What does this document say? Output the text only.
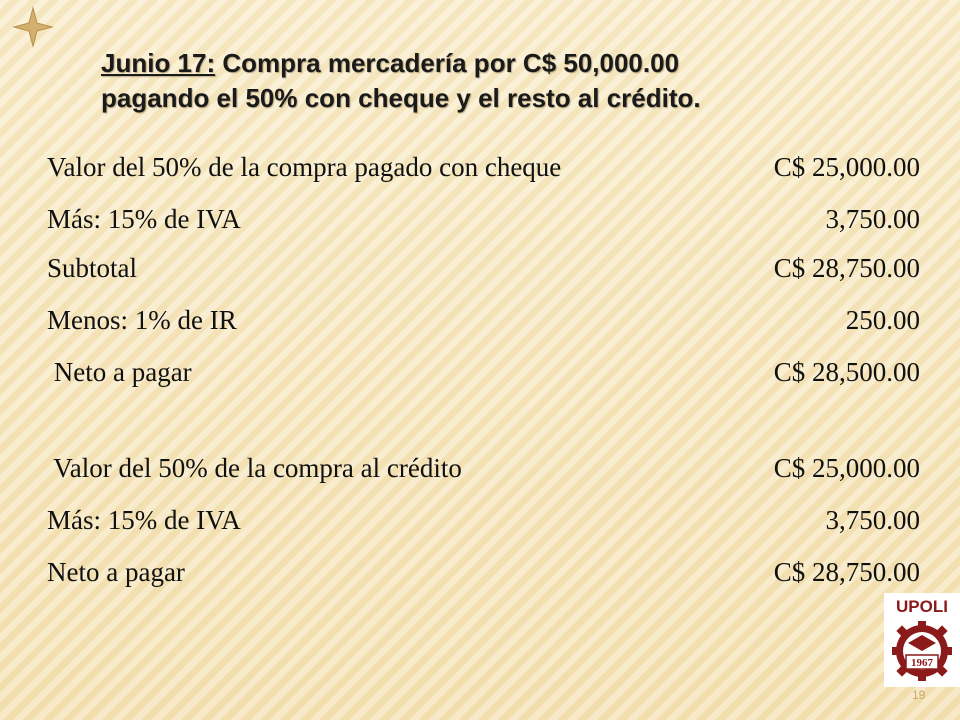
Junio 17: Compra mercadería por C$ 50,000.00
pagando el 50% con cheque y el resto al crédito.
Valor del 50% de la compra pagado con cheque	C$ 25,000.00
Más: 15% de IVA	3,750.00
Subtotal	C$ 28,750.00
Menos: 1% de IR	250.00
Neto a pagar	C$ 28,500.00
Valor del 50% de la compra al crédito	C$ 25,000.00
Más: 15% de IVA	3,750.00
Neto a pagar	C$ 28,750.00
UPOLI
1967
19
